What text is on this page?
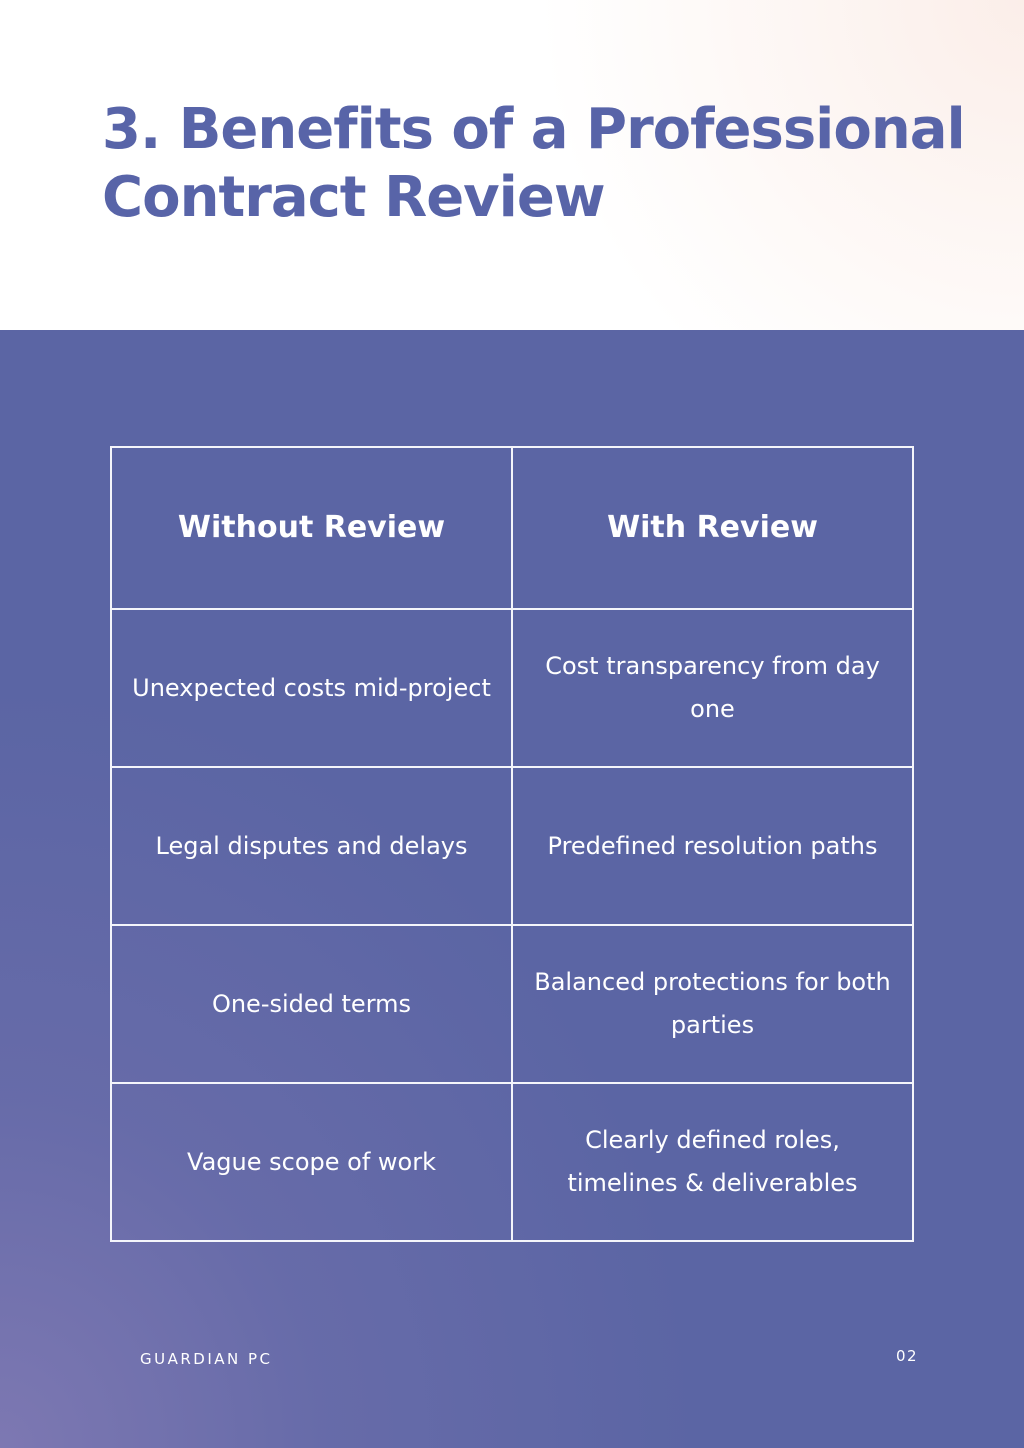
3. Benefits of a Professional Contract Review
Without Review	With Review
Unexpected costs mid-project	Cost transparency from day one
Legal disputes and delays	Predefined resolution paths
One-sided terms	Balanced protections for both parties
Vague scope of work	Clearly defined roles, timelines & deliverables
GUARDIAN PC	02
